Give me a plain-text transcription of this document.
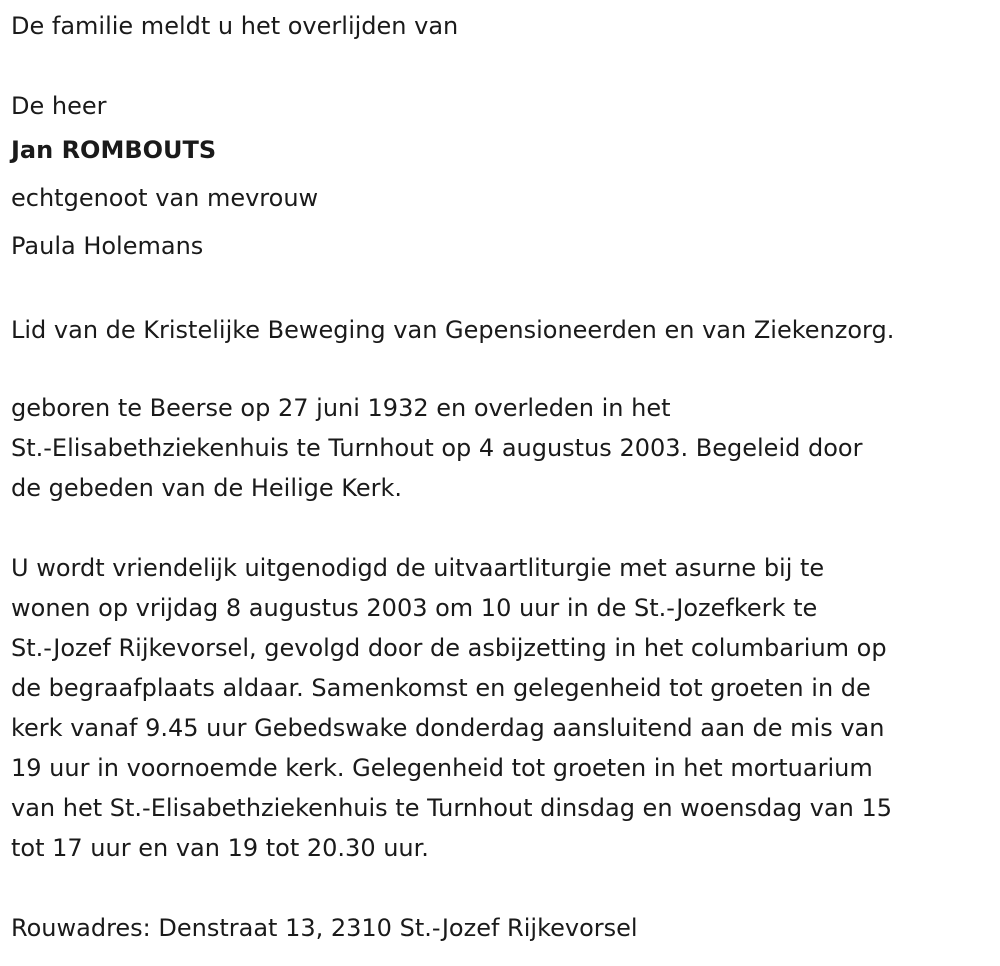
De familie meldt u het overlijden van

De heer

Jan ROMBOUTS

echtgenoot van mevrouw

Paula Holemans

Lid van de Kristelijke Beweging van Gepensioneerden en van Ziekenzorg.

geboren te Beerse op 27 juni 1932 en overleden in het

St.-Elisabethziekenhuis te Turnhout op 4 augustus 2003. Begeleid door

de gebeden van de Heilige Kerk.

U wordt vriendelijk uitgenodigd de uitvaartliturgie met asurne bij te

wonen op vrijdag 8 augustus 2003 om 10 uur in de St.-Jozefkerk te

St.-Jozef Rijkevorsel, gevolgd door de asbijzetting in het columbarium op

de begraafplaats aldaar. Samenkomst en gelegenheid tot groeten in de

kerk vanaf 9.45 uur Gebedswake donderdag aansluitend aan de mis van

19 uur in voornoemde kerk. Gelegenheid tot groeten in het mortuarium

van het St.-Elisabethziekenhuis te Turnhout dinsdag en woensdag van 15

tot 17 uur en van 19 tot 20.30 uur.

Rouwadres: Denstraat 13, 2310 St.-Jozef Rijkevorsel
